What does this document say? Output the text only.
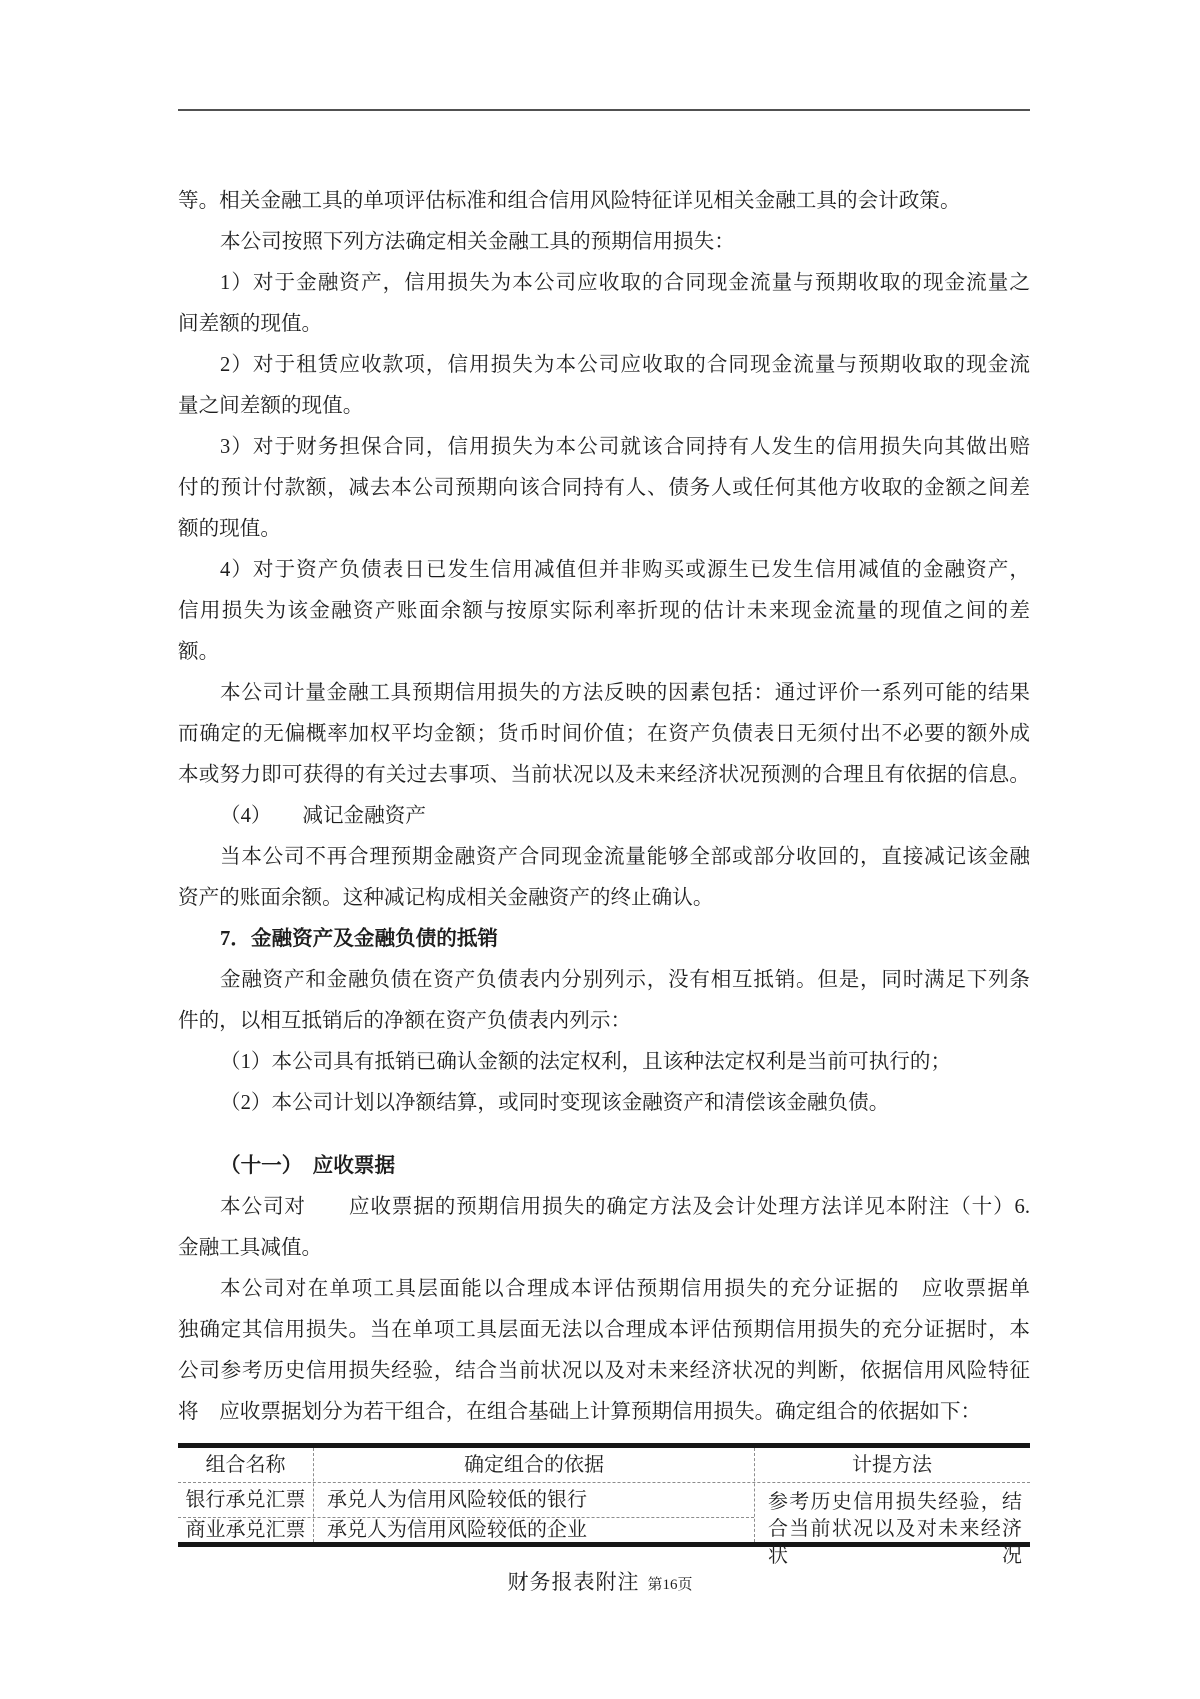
等。相关金融工具的单项评估标准和组合信用风险特征详见相关金融工具的会计政策。
本公司按照下列方法确定相关金融工具的预期信用损失：
1）对于金融资产，信用损失为本公司应收取的合同现金流量与预期收取的现金流量之
间差额的现值。
2）对于租赁应收款项，信用损失为本公司应收取的合同现金流量与预期收取的现金流
量之间差额的现值。
3）对于财务担保合同，信用损失为本公司就该合同持有人发生的信用损失向其做出赔
付的预计付款额，减去本公司预期向该合同持有人、债务人或任何其他方收取的金额之间差
额的现值。
4）对于资产负债表日已发生信用减值但并非购买或源生已发生信用减值的金融资产，
信用损失为该金融资产账面余额与按原实际利率折现的估计未来现金流量的现值之间的差
额。
本公司计量金融工具预期信用损失的方法反映的因素包括：通过评价一系列可能的结果
而确定的无偏概率加权平均金额；货币时间价值；在资产负债表日无须付出不必要的额外成
本或努力即可获得的有关过去事项、当前状况以及未来经济状况预测的合理且有依据的信息。
（4）　　减记金融资产
当本公司不再合理预期金融资产合同现金流量能够全部或部分收回的，直接减记该金融
资产的账面余额。这种减记构成相关金融资产的终止确认。
7．金融资产及金融负债的抵销
金融资产和金融负债在资产负债表内分别列示，没有相互抵销。但是，同时满足下列条
件的，以相互抵销后的净额在资产负债表内列示：
（1）本公司具有抵销已确认金额的法定权利，且该种法定权利是当前可执行的；
（2）本公司计划以净额结算，或同时变现该金融资产和清偿该金融负债。
（十一）　应收票据
本公司对　　应收票据的预期信用损失的确定方法及会计处理方法详见本附注（十）6.
金融工具减值。
本公司对在单项工具层面能以合理成本评估预期信用损失的充分证据的　应收票据单
独确定其信用损失。当在单项工具层面无法以合理成本评估预期信用损失的充分证据时，本
公司参考历史信用损失经验，结合当前状况以及对未来经济状况的判断，依据信用风险特征
将　应收票据划分为若干组合，在组合基础上计算预期信用损失。确定组合的依据如下：
组合名称	确定组合的依据	计提方法
银行承兑汇票	承兑人为信用风险较低的银行
商业承兑汇票	承兑人为信用风险较低的企业
参考历史信用损失经验，结合当前状况以及对未来经济状况
财务报表附注 第16页
